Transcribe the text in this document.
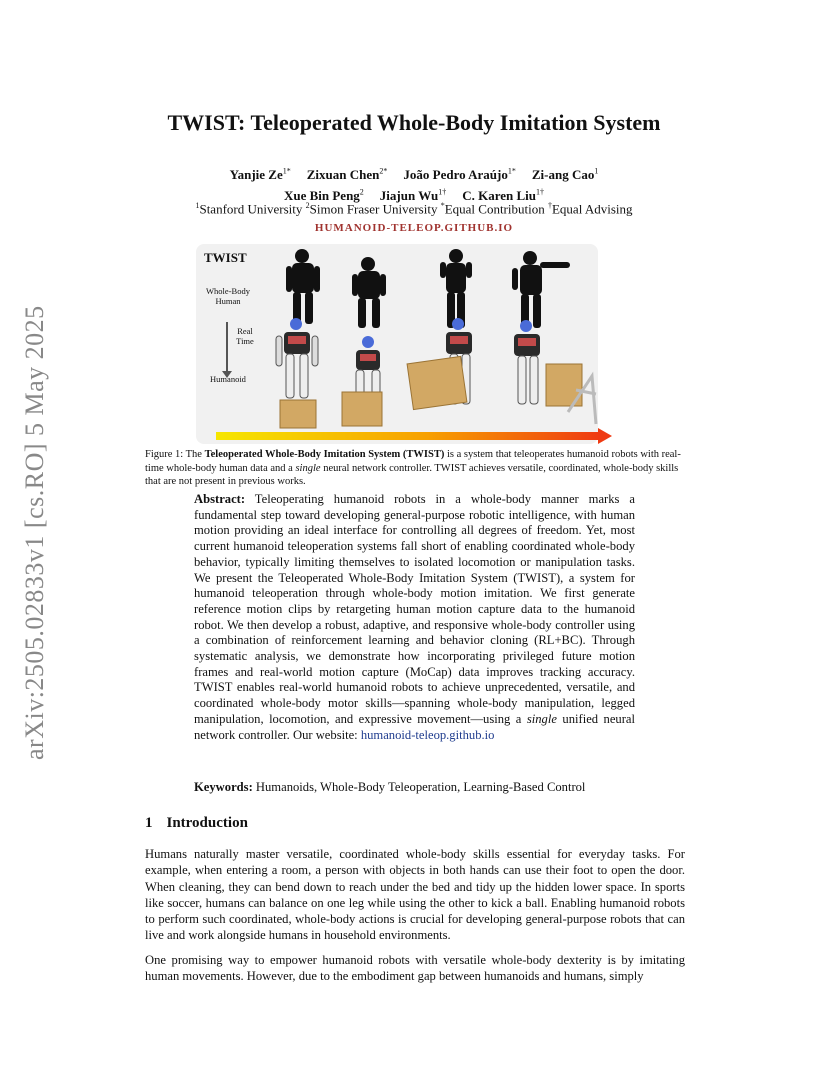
arXiv:2505.02833v1 [cs.RO] 5 May 2025
TWIST: Teleoperated Whole-Body Imitation System
Yanjie $Ze^{1*}$ Zixuan Chen$^{2*}$ João Pedro Araújo$^{1*}$ Zi-ang Cao$^1$
Xue Bin Peng$^2$ Jiajun $Wu^{1\dagger}$ C. Karen Liu$^{1\dagger}$
$^1$Stanford University $^2$Simon Fraser University *Equal Contribution †Equal Advising
HUMANOID-TELEOP.GITHUB.IO
TWIST
Whole-Body
Human
Real
Time
Humanoid
Figure 1: The Teleoperated Whole-Body Imitation System (TWIST) is a system that teleoperates humanoid robots with real-time whole-body human data and a single neural network controller. TWIST achieves versatile, coordinated, whole-body skills that are not present in previous works.
Abstract: Teleoperating humanoid robots in a whole-body manner marks a fundamental step toward developing general-purpose robotic intelligence, with human motion providing an ideal interface for controlling all degrees of freedom. Yet, most current humanoid teleoperation systems fall short of enabling coordinated whole-body behavior, typically limiting themselves to isolated locomotion or manipulation tasks. We present the Teleoperated Whole-Body Imitation System (TWIST), a system for humanoid teleoperation through whole-body motion imitation. We first generate reference motion clips by retargeting human motion capture data to the humanoid robot. We then develop a robust, adaptive, and responsive whole-body controller using a combination of reinforcement learning and behavior cloning (RL+BC). Through systematic analysis, we demonstrate how incorporating privileged future motion frames and real-world motion capture (MoCap) data improves tracking accuracy. TWIST enables real-world humanoid robots to achieve unprecedented, versatile, and coordinated whole-body motor skills—spanning whole-body manipulation, legged manipulation, locomotion, and expressive movement—using a single unified neural network controller. Our website: humanoid-teleop.github.io
Keywords: Humanoids, Whole-Body Teleoperation, Learning-Based Control
1 Introduction

Humans naturally master versatile, coordinated whole-body skills essential for everyday tasks. For example, when entering a room, a person with objects in both hands can use their foot to open the door. When cleaning, they can bend down to reach under the bed and tidy up the hidden lower space. In sports like soccer, humans can balance on one leg while using the other to kick a ball. Enabling humanoid robots to perform such coordinated, whole-body actions is crucial for developing general-purpose robots that can live and work alongside humans in household environments.

One promising way to empower humanoid robots with versatile whole-body dexterity is by imitating human movements. However, due to the embodiment gap between humanoids and humans, simply
